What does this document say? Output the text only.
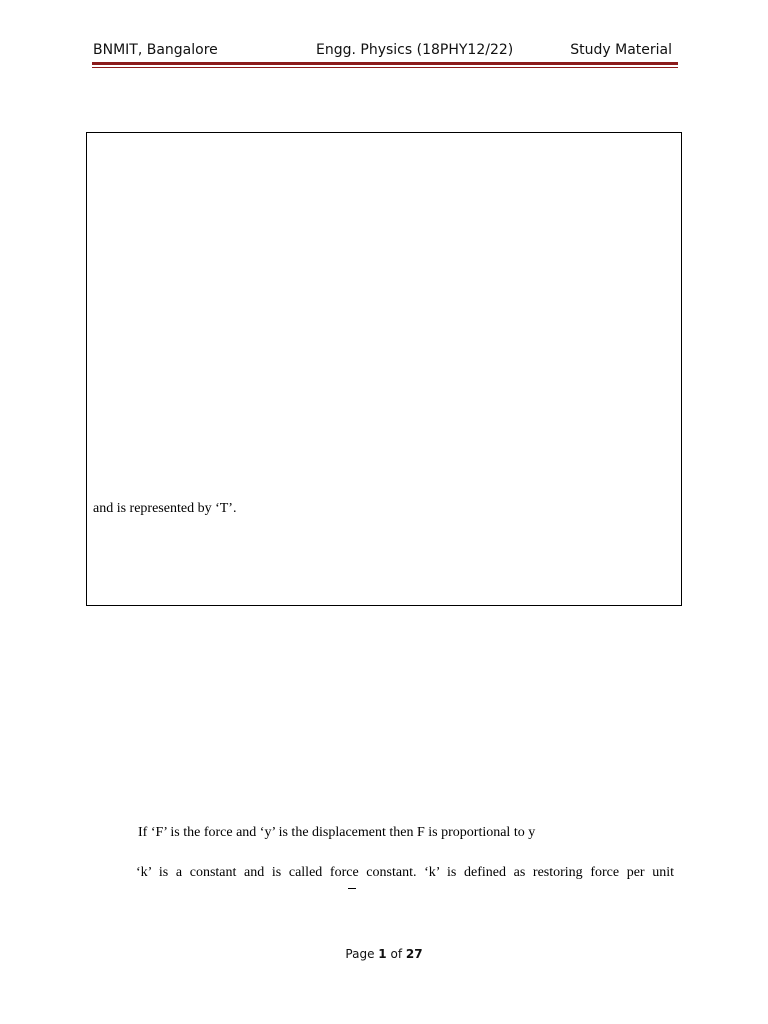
BNMIT, Bangalore	Engg. Physics (18PHY12/22)	Study Material
and is represented by ‘T’.
If ‘F’ is the force and ‘y’ is the displacement then F is proportional to y
‘k’ is a constant and is called force constant. ‘k’ is defined as restoring force per unit
Page 1 of 27
